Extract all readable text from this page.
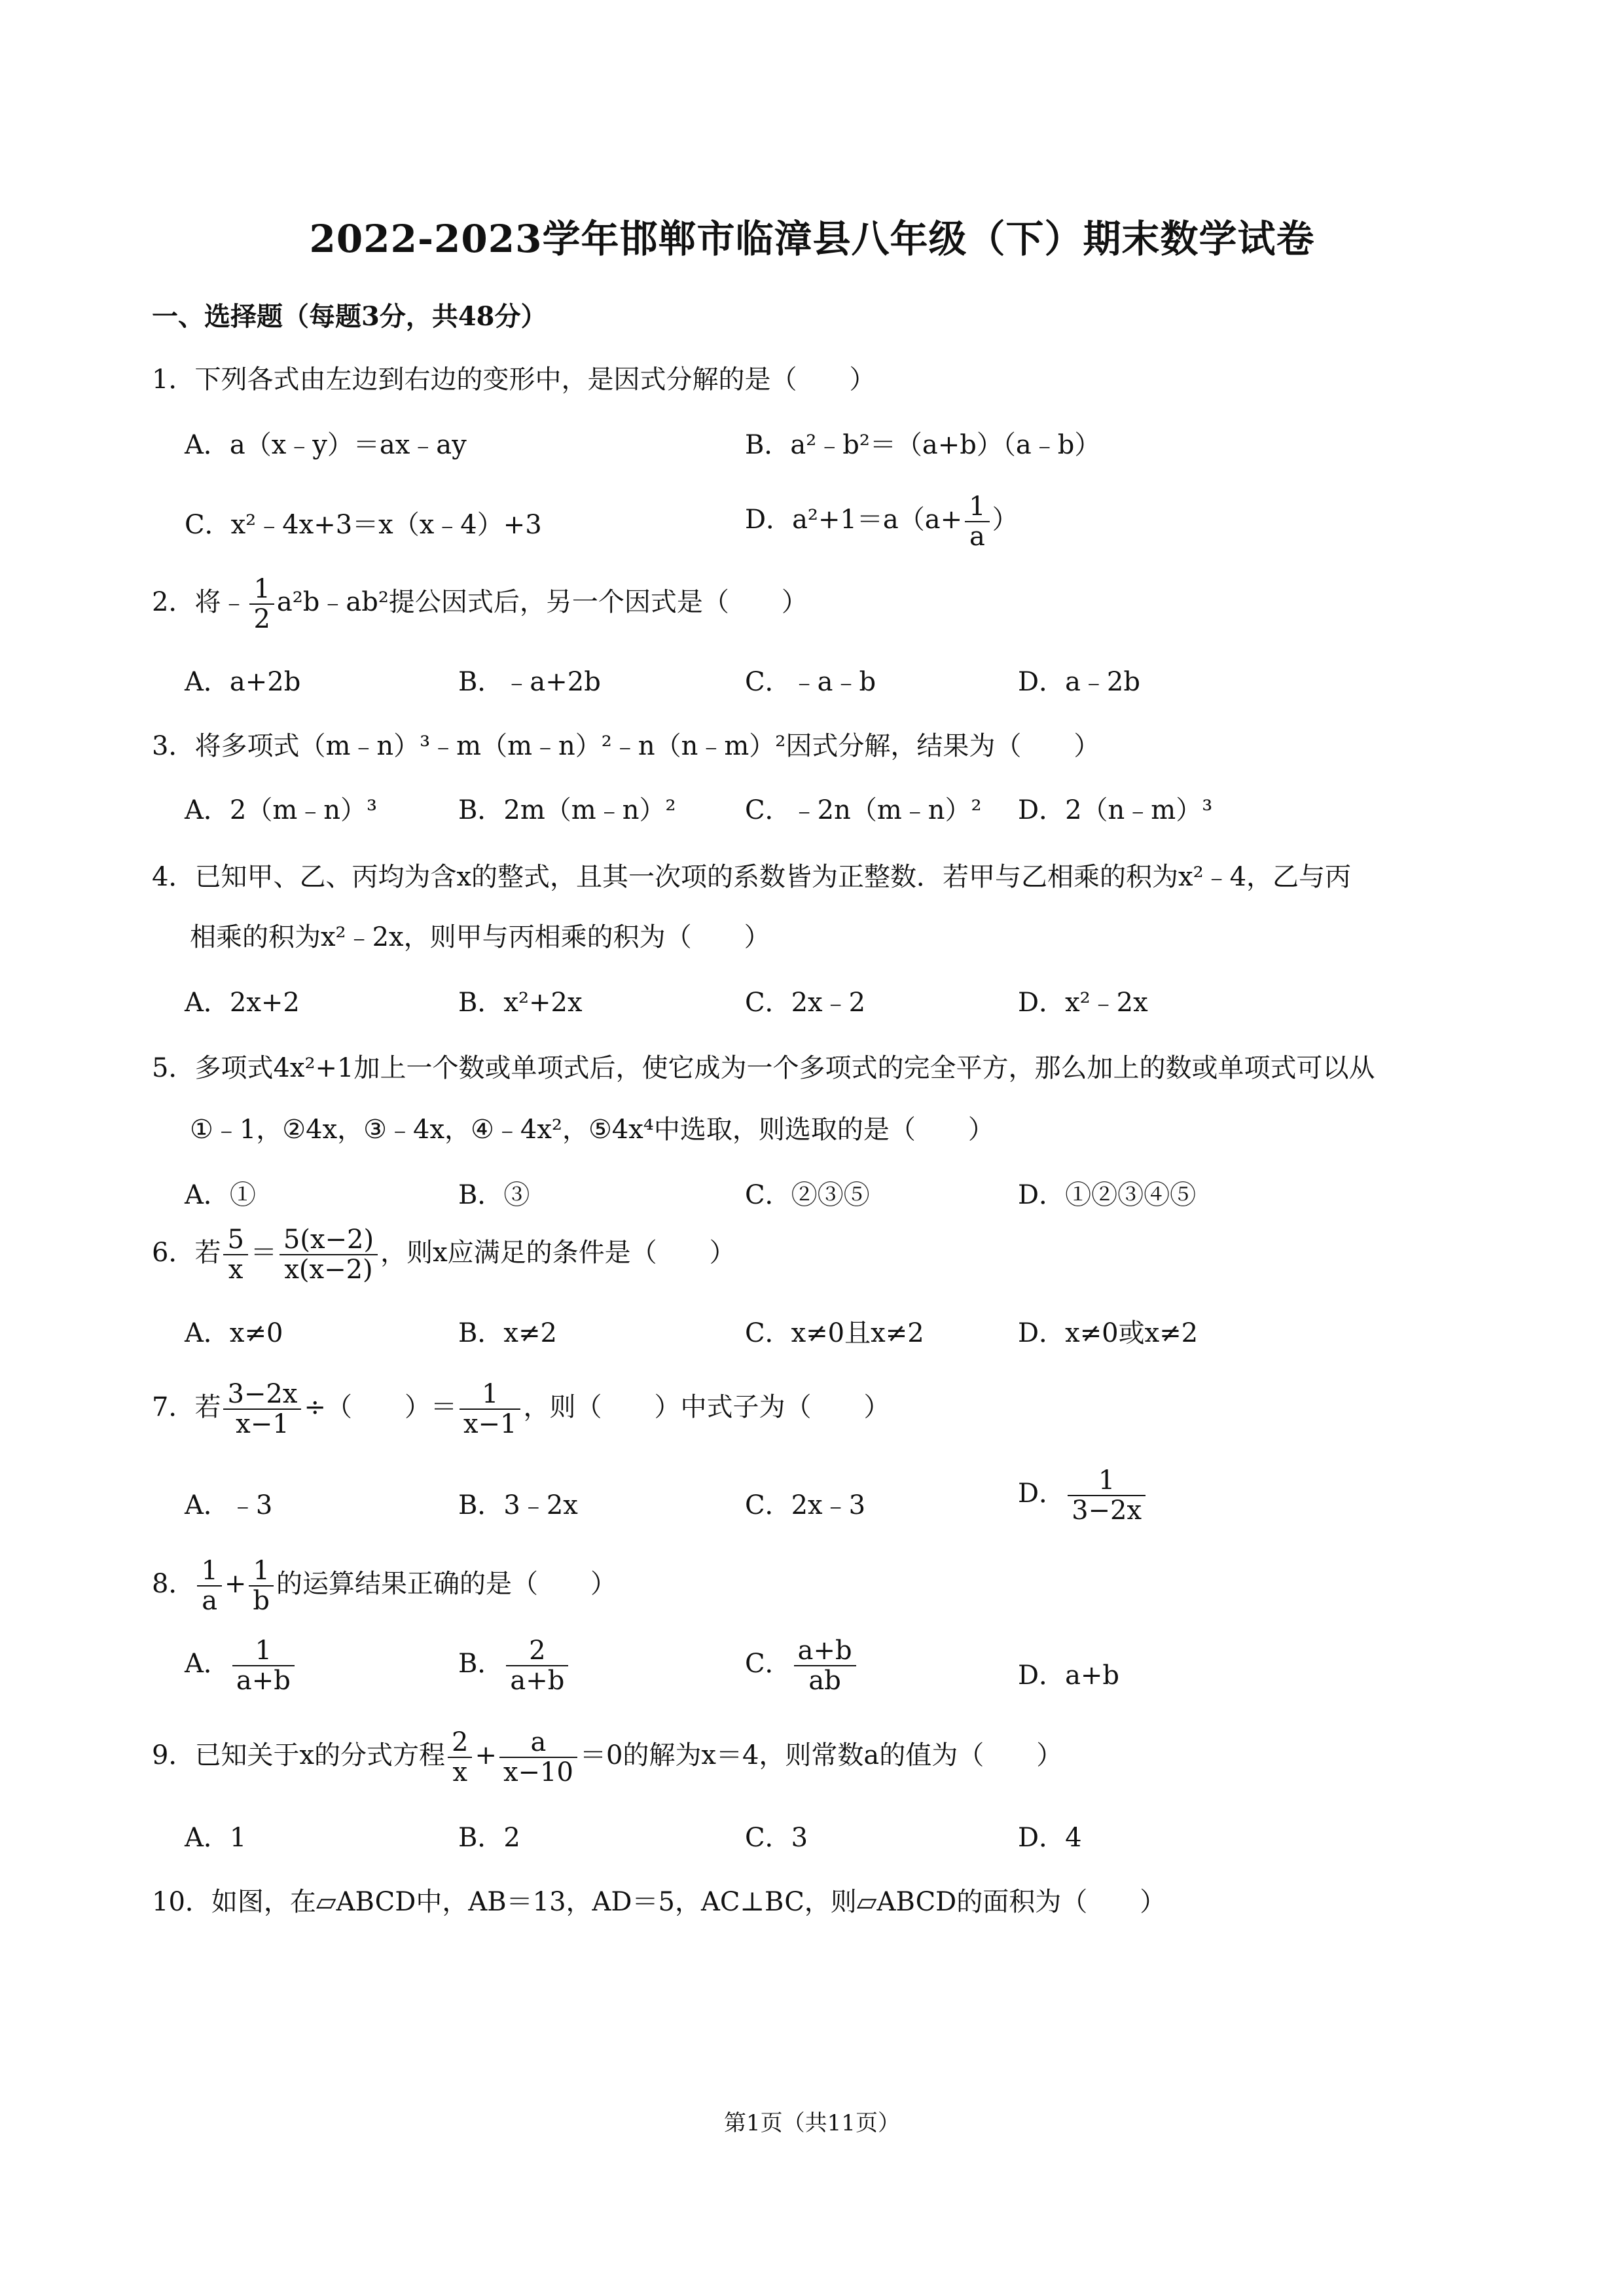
2022-2023学年邯郸市临漳县八年级（下）期末数学试卷
一、选择题（每题3分，共48分）
1．下列各式由左边到右边的变形中，是因式分解的是（　　）
A．a（x﹣y）＝ax﹣ay	B．a²﹣b²＝（a+b）（a﹣b）
C．x²﹣4x+3＝x（x﹣4）+3	D．$a^2+1=a(a+ \frac{1}{a}$ ）
2．将﹣ $\frac{1}{2}$ a²b﹣ab²提公因式后，另一个因式是（　　）
A．a+2b	B．﹣a+2b	C．﹣a﹣b	D．a﹣2b
3．将多项式（m﹣n）³﹣m（m﹣n）²﹣n（n﹣m）²因式分解，结果为（　　）
A．2（m﹣n）³	B．2m（m﹣n）²	C．﹣2n（m﹣n）² D．2（n﹣m）³
4．已知甲、乙、丙均为含x的整式，且其一次项的系数皆为正整数．若甲与乙相乘的积为x²﹣4，乙与丙
相乘的积为x²﹣2x，则甲与丙相乘的积为（　　）
A．2x+2	B．x²+2x	C．2x﹣2	D．x²﹣2x
5．多项式4x²+1加上一个数或单项式后，使它成为一个多项式的完全平方，那么加上的数或单项式可以从
①﹣1，②4x，③﹣4x，④﹣4x²，⑤4x⁴中选取，则选取的是（　　）
A．①	B．③	C．②③⑤	D．①②③④⑤
6．若 $\frac{5}{x} = \frac{5(x-2)}{x(x-2)}$ ，则x应满足的条件是（　　）
A．x≠0	B．x≠2	C．x≠0且x≠2	D．x≠0或x≠2
7．若 $\frac{3-2x}{x-1}$ ÷（　　）＝ $\frac{1}{x-1}$ ，则（　　）中式子为（　　）
A．﹣3	B．3﹣2x	C．2x﹣3	D． $\frac{1}{3-2x}$
8． $\frac{1}{a} + \frac{1}{b}$ 的运算结果正确的是（　　）
A． $\frac{1}{a+b}$	B． $\frac{2}{a+b}$	C． $\frac{a+b}{ab}$	D．a+b
9．已知关于x的分式方程 $\frac{2}{x} + \frac{a}{x-10} =0$的解为x＝4，则常数a的值为（　　）
A．1	B．2	C．3	D．4
10．如图，在▱ABCD中，AB＝13，AD＝5，AC⊥BC，则▱ABCD的面积为（　　）
第1页（共11页）
